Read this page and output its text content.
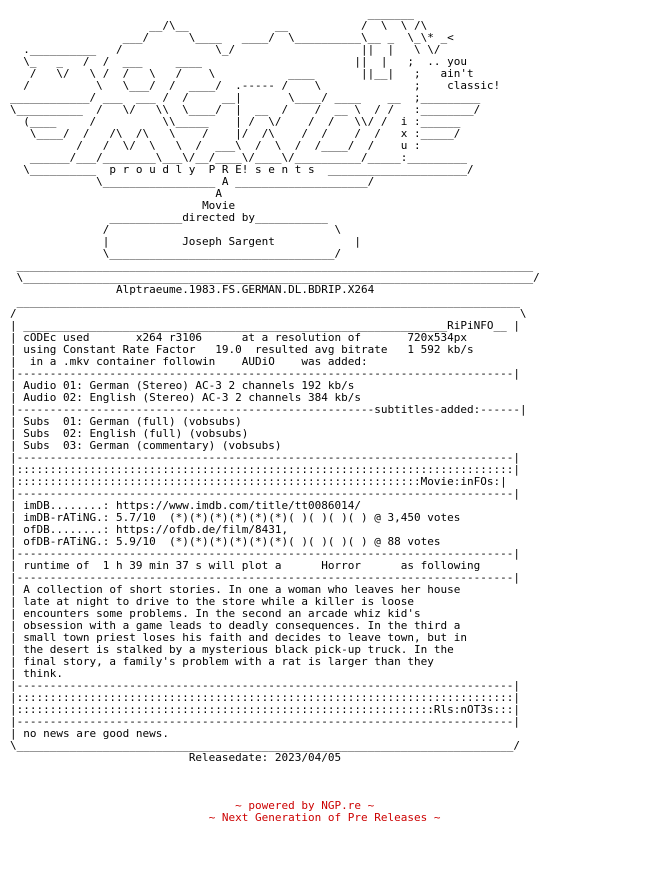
_______
__/\__             __           /  \  \ /\
___/      \____   ____/  \__________\__ _  \_\* _<
.__________   /              \_/                   ||  |   \ \/
\_   _   /  /  ___     ____                       ||  |   ;  .. you
/   \/   \ /  /   \   /    \           ____       ||__|   ;   ain't
/          \   \___/  /  ____/  .----- /    \              ;    classic!
____________/ ___  ___ /  /     __|       \____/ ____    __  ;_________
\__________  /   \/   \\  \____/  |  __  /    /  __ \  / /   :________/
(____     /          \\_____    | /  \/    /  /   \\/ /  i :______
\____/  /   /\  /\   \    /    |/  /\    /  /    /  /   x :_____/
/   /  \/  \   \  /  ___\  /  \  /  /____/  /    u :
______/___/________\___\/__/____\/____\/__________/_____:_________
\__________  p r o u d l y  P R E! s e n t s  _____________________/
\_________________ A ____________________/
A
Movie
___________directed by___________
/                                  \
|	Joseph Sargent	|
\__________________________________/
______________________________________________________________________________
\_____________________________________________________________________________/
Alptraeume.1983.FS.GERMAN.DL.BDRIP.X264
____________________________________________________________________________
/                                                                            \
| ________________________________________________________________RiPiNFO__ |
| cODEc used       x264 r3106      at a resolution of       720x534px
| using Constant Rate Factor   19.0  resulted avg bitrate   1 592 kb/s
|  in a .mkv container followin    AUDiO    was added:
|---------------------------------------------------------------------------|
| Audio 01: German (Stereo) AC-3 2 channels 192 kb/s
| Audio 02: English (Stereo) AC-3 2 channels 384 kb/s
|------------------------------------------------------subtitles-added:------|
| Subs  01: German (full) (vobsubs)
| Subs  02: English (full) (vobsubs)
| Subs  03: German (commentary) (vobsubs)
|---------------------------------------------------------------------------|
|:::::::::::::::::::::::::::::::::::::::::::::::::::::::::::::::::::::::::::|
|:::::::::::::::::::::::::::::::::::::::::::::::::::::::::::::Movie:inFOs:|
|---------------------------------------------------------------------------|
| imDB........: https://www.imdb.com/title/tt0086014/
| imDB-rATiNG.: 5.7/10  (*)(*)(*)(*)(*)(*)( )( )( )( ) @ 3,450 votes
| ofDB........: https://ofdb.de/film/8431,
| ofDB-rATiNG.: 5.9/10  (*)(*)(*)(*)(*)(*)( )( )( )( ) @ 88 votes
|---------------------------------------------------------------------------|
| runtime of  1 h 39 min 37 s will plot a      Horror      as following
|---------------------------------------------------------------------------|
| A collection of short stories. In one a woman who leaves her house
| late at night to drive to the store while a killer is loose
| encounters some problems. In the second an arcade whiz kid's
| obsession with a game leads to deadly consequences. In the third a
| small town priest loses his faith and decides to leave town, but in
| the desert is stalked by a mysterious black pick-up truck. In the
| final story, a family's problem with a rat is larger than they
| think.
|---------------------------------------------------------------------------|
|:::::::::::::::::::::::::::::::::::::::::::::::::::::::::::::::::::::::::::|
|:::::::::::::::::::::::::::::::::::::::::::::::::::::::::::::::Rls:nOT3s:::|
|---------------------------------------------------------------------------|
| no news are good news.
\___________________________________________________________________________/
Releasedate: 2023/04/05

~ powered by NGP.re ~
~ Next Generation of Pre Releases ~
